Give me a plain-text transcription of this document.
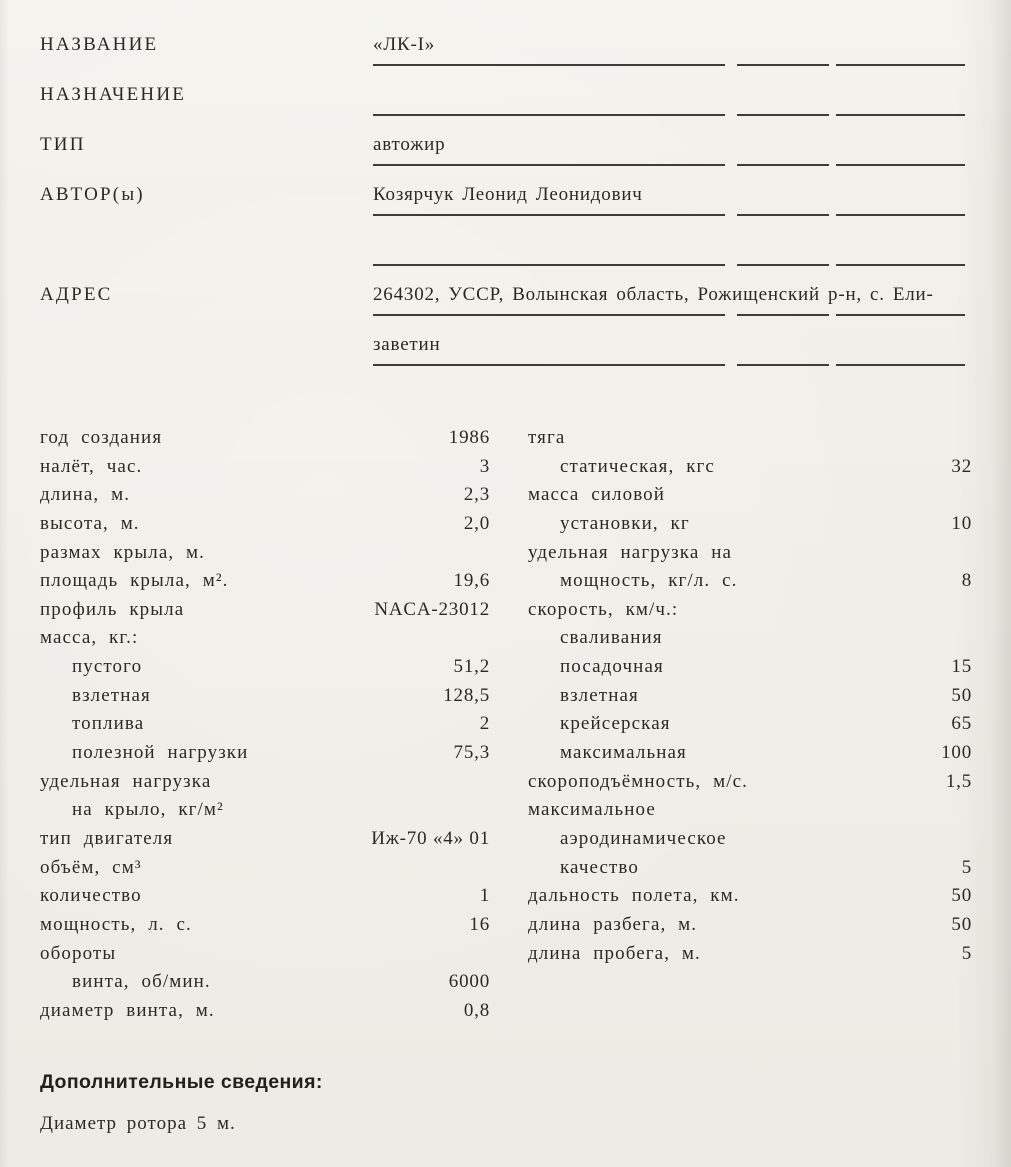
НАЗВАНИЕ	«ЛК-I»
НАЗНАЧЕНИЕ
ТИП	автожир
АВТОР(ы)	Козярчук Леонид Леонидович
АДРЕС	264302, УССР, Волынская область, Рожищенский р-н, с. Ели-
заветин
год создания	1986
налёт, час.	3
длина, м.	2,3
высота, м.	2,0
размах крыла, м.
площадь крыла, м².	19,6
профиль крыла	NACA-23012
масса, кг.:
пустого	51,2
взлетная	128,5
топлива	2
полезной нагрузки	75,3
удельная нагрузка
на крыло, кг/м²
тип двигателя	Иж-70 «4» 01
объём, см³
количество	1
мощность, л. с.	16
обороты
винта, об/мин.	6000
диаметр винта, м.	0,8
тяга
статическая, кгс	32
масса силовой
установки, кг	10
удельная нагрузка на
мощность, кг/л. с.	8
скорость, км/ч.:
сваливания
посадочная	15
взлетная	50
крейсерская	65
максимальная	100
скороподъёмность, м/с.	1,5
максимальное
аэродинамическое
качество	5
дальность полета, км.	50
длина разбега, м.	50
длина пробега, м.	5
Дополнительные сведения:

Диаметр ротора 5 м.
